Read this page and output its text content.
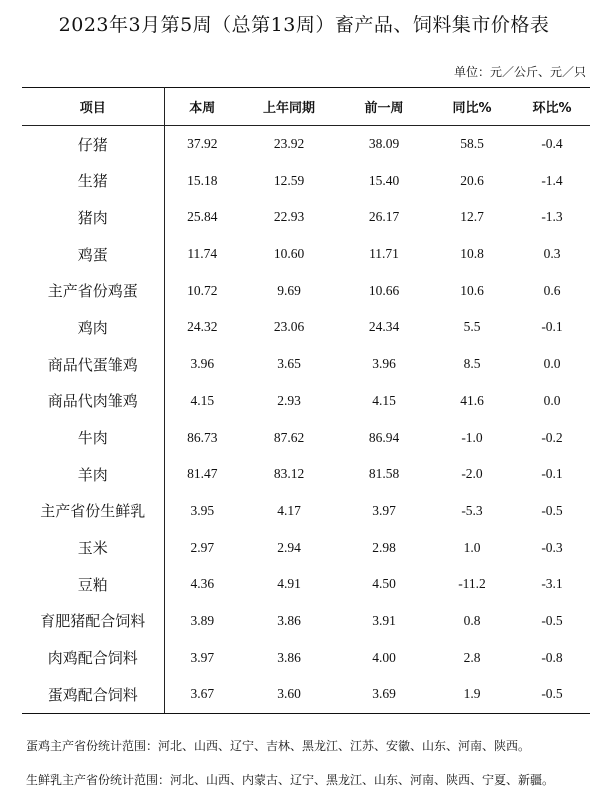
2023年3月第5周（总第13周）畜产品、饲料集市价格表
单位：元／公斤、元／只
项目	本周	上年同期	前一周	同比%	环比%
仔猪	37.92	23.92	38.09	58.5	-0.4
生猪	15.18	12.59	15.40	20.6	-1.4
猪肉	25.84	22.93	26.17	12.7	-1.3
鸡蛋	11.74	10.60	11.71	10.8	0.3
主产省份鸡蛋	10.72	9.69	10.66	10.6	0.6
鸡肉	24.32	23.06	24.34	5.5	-0.1
商品代蛋雏鸡	3.96	3.65	3.96	8.5	0.0
商品代肉雏鸡	4.15	2.93	4.15	41.6	0.0
牛肉	86.73	87.62	86.94	-1.0	-0.2
羊肉	81.47	83.12	81.58	-2.0	-0.1
主产省份生鲜乳	3.95	4.17	3.97	-5.3	-0.5
玉米	2.97	2.94	2.98	1.0	-0.3
豆粕	4.36	4.91	4.50	-11.2	-3.1
育肥猪配合饲料	3.89	3.86	3.91	0.8	-0.5
肉鸡配合饲料	3.97	3.86	4.00	2.8	-0.8
蛋鸡配合饲料	3.67	3.60	3.69	1.9	-0.5
蛋鸡主产省份统计范围：河北、山西、辽宁、吉林、黑龙江、江苏、安徽、山东、河南、陕西。
生鲜乳主产省份统计范围：河北、山西、内蒙古、辽宁、黑龙江、山东、河南、陕西、宁夏、新疆。
